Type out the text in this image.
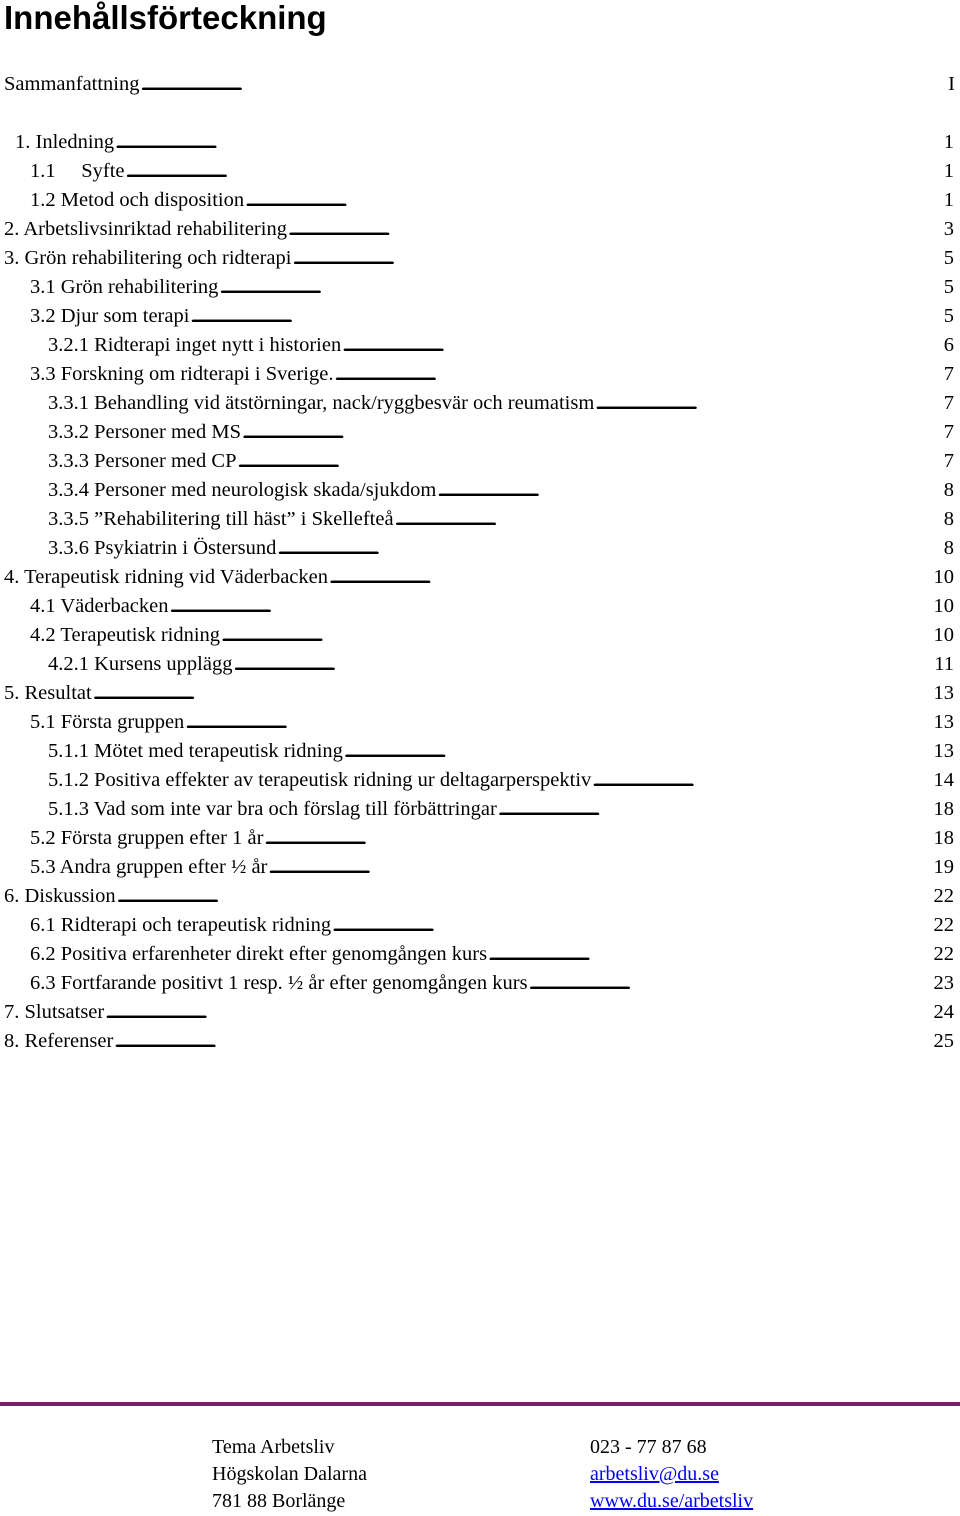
Innehållsförteckning
Sammanfattning . . .	I
1. Inledning . . .	1
1.1     Syfte . . .	1
1.2 Metod och disposition . . .	1
2. Arbetslivsinriktad rehabilitering . . .	3
3. Grön rehabilitering och ridterapi . . .	5
3.1 Grön rehabilitering . . .	5
3.2 Djur som terapi . . .	5
3.2.1 Ridterapi inget nytt i historien . . .	6
3.3 Forskning om ridterapi i Sverige. . . .	7
3.3.1 Behandling vid ätstörningar, nack/ryggbesvär och reumatism . . .	7
3.3.2 Personer med MS . . .	7
3.3.3 Personer med CP . . .	7
3.3.4 Personer med neurologisk skada/sjukdom . . .	8
3.3.5 ”Rehabilitering till häst” i Skellefteå . . .	8
3.3.6 Psykiatrin i Östersund . . .	8
4. Terapeutisk ridning vid Väderbacken . . .	10
4.1 Väderbacken . . .	10
4.2 Terapeutisk ridning . . .	10
4.2.1 Kursens upplägg . . .	11
5. Resultat . . .	13
5.1 Första gruppen . . .	13
5.1.1 Mötet med terapeutisk ridning . . .	13
5.1.2 Positiva effekter av terapeutisk ridning ur deltagarperspektiv . . .	14
5.1.3 Vad som inte var bra och förslag till förbättringar . . .	18
5.2 Första gruppen efter 1 år . . .	18
5.3 Andra gruppen efter ½ år . . .	19
6. Diskussion . . .	22
6.1 Ridterapi och terapeutisk ridning . . .	22
6.2 Positiva erfarenheter direkt efter genomgången kurs . . .	22
6.3 Fortfarande positivt 1 resp. ½ år efter genomgången kurs . . .	23
7. Slutsatser . . .	24
8. Referenser . . .	25
Tema Arbetsliv
Högskolan Dalarna
781 88 Borlänge
023 - 77 87 68
arbetsliv@du.se
www.du.se/arbetsliv
